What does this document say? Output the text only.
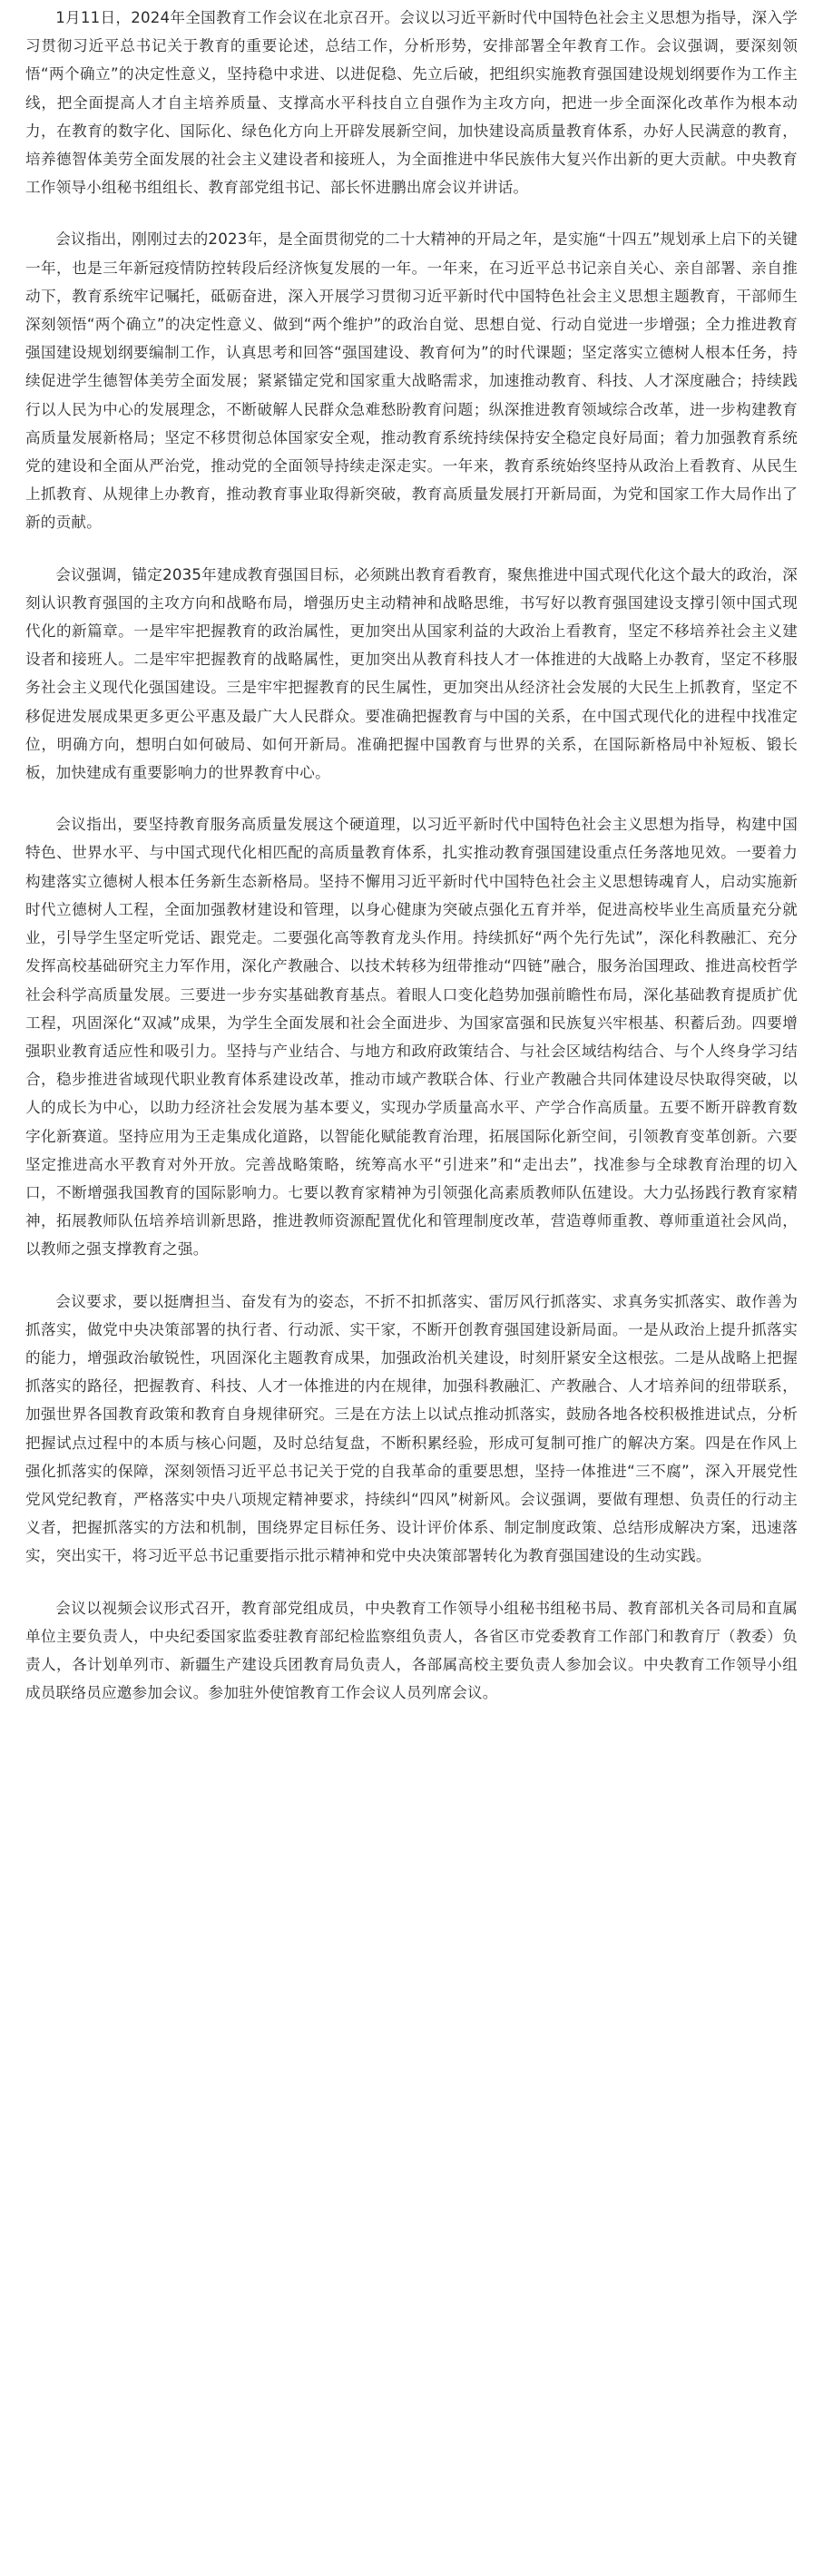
1月11日，2024年全国教育工作会议在北京召开。会议以习近平新时代中国特色社会主义思想为指导，深入学习贯彻习近平总书记关于教育的重要论述，总结工作，分析形势，安排部署全年教育工作。会议强调，要深刻领悟“两个确立”的决定性意义，坚持稳中求进、以进促稳、先立后破，把组织实施教育强国建设规划纲要作为工作主线，把全面提高人才自主培养质量、支撑高水平科技自立自强作为主攻方向，把进一步全面深化改革作为根本动力，在教育的数字化、国际化、绿色化方向上开辟发展新空间，加快建设高质量教育体系，办好人民满意的教育，培养德智体美劳全面发展的社会主义建设者和接班人，为全面推进中华民族伟大复兴作出新的更大贡献。中央教育工作领导小组秘书组组长、教育部党组书记、部长怀进鹏出席会议并讲话。

会议指出，刚刚过去的2023年，是全面贯彻党的二十大精神的开局之年，是实施“十四五”规划承上启下的关键一年，也是三年新冠疫情防控转段后经济恢复发展的一年。一年来，在习近平总书记亲自关心、亲自部署、亲自推动下，教育系统牢记嘱托，砥砺奋进，深入开展学习贯彻习近平新时代中国特色社会主义思想主题教育，干部师生深刻领悟“两个确立”的决定性意义、做到“两个维护”的政治自觉、思想自觉、行动自觉进一步增强；全力推进教育强国建设规划纲要编制工作，认真思考和回答“强国建设、教育何为”的时代课题；坚定落实立德树人根本任务，持续促进学生德智体美劳全面发展；紧紧锚定党和国家重大战略需求，加速推动教育、科技、人才深度融合；持续践行以人民为中心的发展理念，不断破解人民群众急难愁盼教育问题；纵深推进教育领域综合改革，进一步构建教育高质量发展新格局；坚定不移贯彻总体国家安全观，推动教育系统持续保持安全稳定良好局面；着力加强教育系统党的建设和全面从严治党，推动党的全面领导持续走深走实。一年来，教育系统始终坚持从政治上看教育、从民生上抓教育、从规律上办教育，推动教育事业取得新突破，教育高质量发展打开新局面，为党和国家工作大局作出了新的贡献。

会议强调，锚定2035年建成教育强国目标，必须跳出教育看教育，聚焦推进中国式现代化这个最大的政治，深刻认识教育强国的主攻方向和战略布局，增强历史主动精神和战略思维，书写好以教育强国建设支撑引领中国式现代化的新篇章。一是牢牢把握教育的政治属性，更加突出从国家利益的大政治上看教育，坚定不移培养社会主义建设者和接班人。二是牢牢把握教育的战略属性，更加突出从教育科技人才一体推进的大战略上办教育，坚定不移服务社会主义现代化强国建设。三是牢牢把握教育的民生属性，更加突出从经济社会发展的大民生上抓教育，坚定不移促进发展成果更多更公平惠及最广大人民群众。要准确把握教育与中国的关系，在中国式现代化的进程中找准定位，明确方向，想明白如何破局、如何开新局。准确把握中国教育与世界的关系，在国际新格局中补短板、锻长板，加快建成有重要影响力的世界教育中心。

会议指出，要坚持教育服务高质量发展这个硬道理，以习近平新时代中国特色社会主义思想为指导，构建中国特色、世界水平、与中国式现代化相匹配的高质量教育体系，扎实推动教育强国建设重点任务落地见效。一要着力构建落实立德树人根本任务新生态新格局。坚持不懈用习近平新时代中国特色社会主义思想铸魂育人，启动实施新时代立德树人工程，全面加强教材建设和管理，以身心健康为突破点强化五育并举，促进高校毕业生高质量充分就业，引导学生坚定听党话、跟党走。二要强化高等教育龙头作用。持续抓好“两个先行先试”，深化科教融汇、充分发挥高校基础研究主力军作用，深化产教融合、以技术转移为纽带推动“四链”融合，服务治国理政、推进高校哲学社会科学高质量发展。三要进一步夯实基础教育基点。着眼人口变化趋势加强前瞻性布局，深化基础教育提质扩优工程，巩固深化“双减”成果，为学生全面发展和社会全面进步、为国家富强和民族复兴牢根基、积蓄后劲。四要增强职业教育适应性和吸引力。坚持与产业结合、与地方和政府政策结合、与社会区域结构结合、与个人终身学习结合，稳步推进省域现代职业教育体系建设改革，推动市域产教联合体、行业产教融合共同体建设尽快取得突破，以人的成长为中心，以助力经济社会发展为基本要义，实现办学质量高水平、产学合作高质量。五要不断开辟教育数字化新赛道。坚持应用为王走集成化道路，以智能化赋能教育治理，拓展国际化新空间，引领教育变革创新。六要坚定推进高水平教育对外开放。完善战略策略，统筹高水平“引进来”和“走出去”，找准参与全球教育治理的切入口，不断增强我国教育的国际影响力。七要以教育家精神为引领强化高素质教师队伍建设。大力弘扬践行教育家精神，拓展教师队伍培养培训新思路，推进教师资源配置优化和管理制度改革，营造尊师重教、尊师重道社会风尚，以教师之强支撑教育之强。

会议要求，要以挺膺担当、奋发有为的姿态，不折不扣抓落实、雷厉风行抓落实、求真务实抓落实、敢作善为抓落实，做党中央决策部署的执行者、行动派、实干家，不断开创教育强国建设新局面。一是从政治上提升抓落实的能力，增强政治敏锐性，巩固深化主题教育成果，加强政治机关建设，时刻肝紧安全这根弦。二是从战略上把握抓落实的路径，把握教育、科技、人才一体推进的内在规律，加强科教融汇、产教融合、人才培养间的纽带联系，加强世界各国教育政策和教育自身规律研究。三是在方法上以试点推动抓落实，鼓励各地各校积极推进试点，分析把握试点过程中的本质与核心问题，及时总结复盘，不断积累经验，形成可复制可推广的解决方案。四是在作风上强化抓落实的保障，深刻领悟习近平总书记关于党的自我革命的重要思想，坚持一体推进“三不腐”，深入开展党性党风党纪教育，严格落实中央八项规定精神要求，持续纠“四风”树新风。会议强调，要做有理想、负责任的行动主义者，把握抓落实的方法和机制，围绕界定目标任务、设计评价体系、制定制度政策、总结形成解决方案，迅速落实，突出实干，将习近平总书记重要指示批示精神和党中央决策部署转化为教育强国建设的生动实践。

会议以视频会议形式召开，教育部党组成员，中央教育工作领导小组秘书组秘书局、教育部机关各司局和直属单位主要负责人，中央纪委国家监委驻教育部纪检监察组负责人，各省区市党委教育工作部门和教育厅（教委）负责人，各计划单列市、新疆生产建设兵团教育局负责人，各部属高校主要负责人参加会议。中央教育工作领导小组成员联络员应邀参加会议。参加驻外使馆教育工作会议人员列席会议。
